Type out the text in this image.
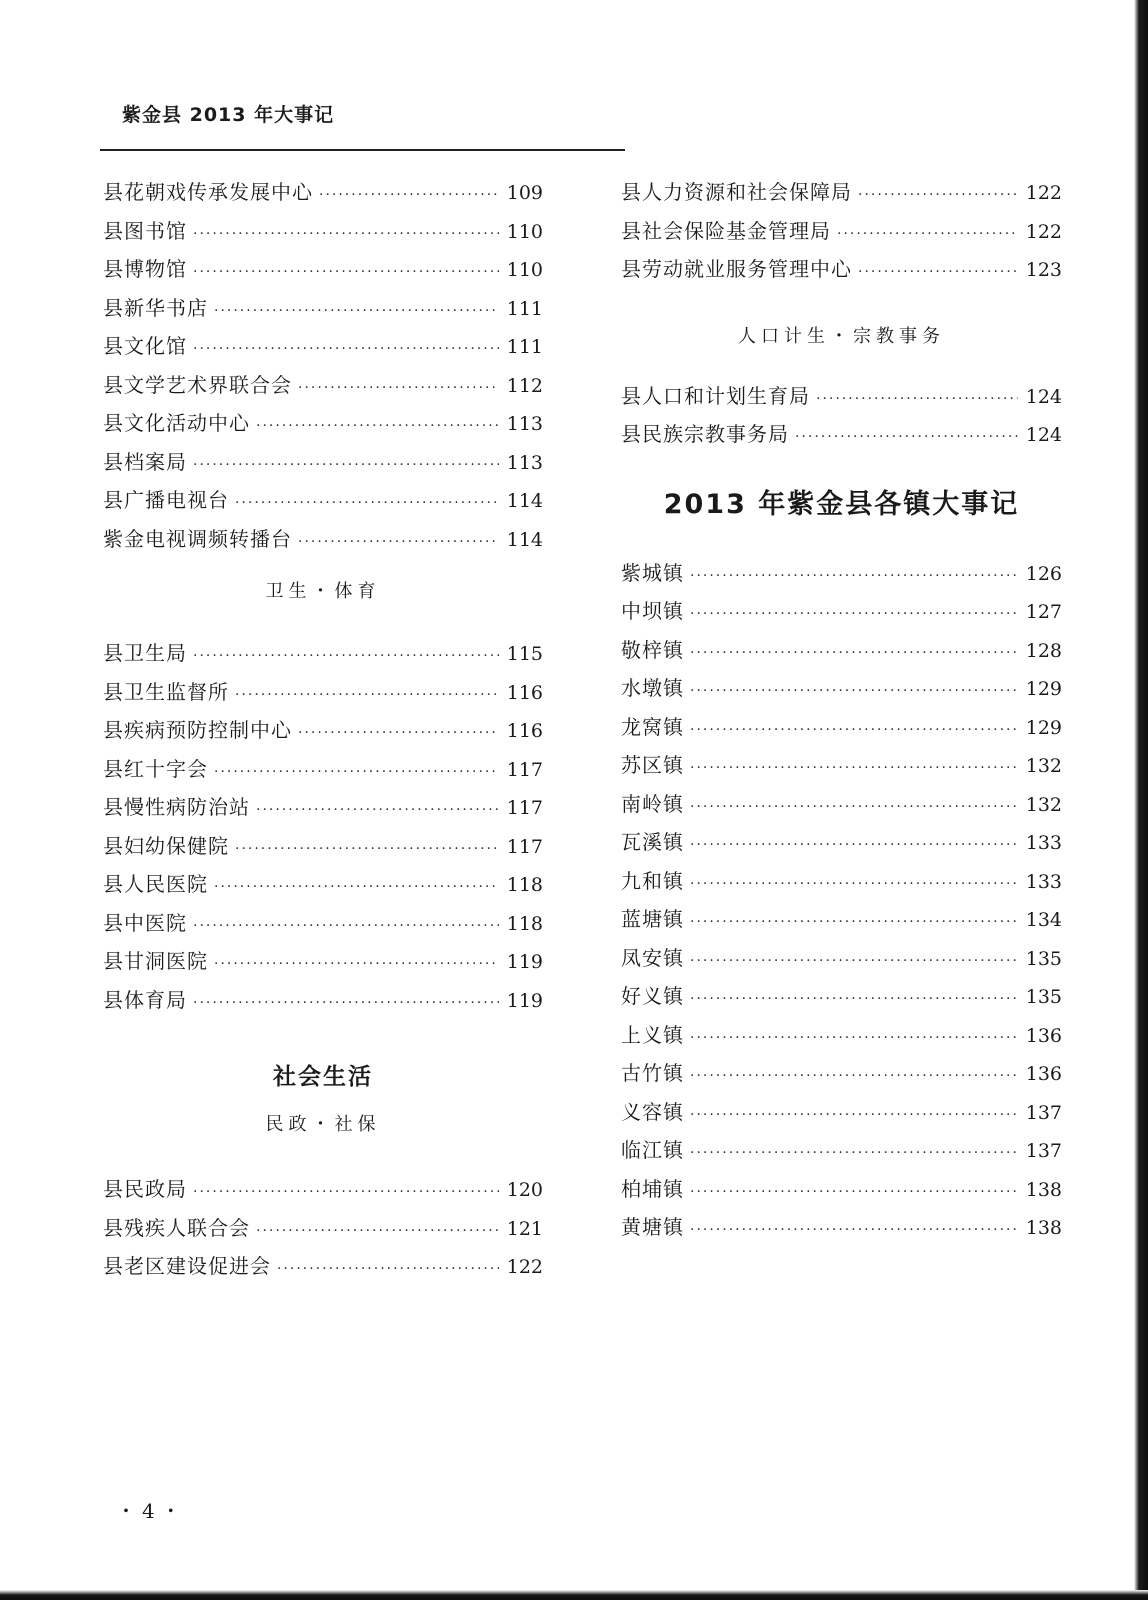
紫金县 2013 年大事记
县花朝戏传承发展中心 ·····	109
县图书馆 ·····	110
县博物馆 ·····	110
县新华书店 ·····	111
县文化馆 ·····	111
县文学艺术界联合会 ·····	112
县文化活动中心 ·····	113
县档案局 ·····	113
县广播电视台 ·····	114
紫金电视调频转播台 ·····	114
卫生・体育
县卫生局 ·····	115
县卫生监督所 ·····	116
县疾病预防控制中心 ·····	116
县红十字会 ·····	117
县慢性病防治站 ·····	117
县妇幼保健院 ·····	117
县人民医院 ·····	118
县中医院 ·····	118
县甘洞医院 ·····	119
县体育局 ·····	119
社会生活
民政・社保
县民政局 ·····	120
县残疾人联合会 ·····	121
县老区建设促进会 ·····	122
县人力资源和社会保障局 ·····	122
县社会保险基金管理局 ·····	122
县劳动就业服务管理中心 ·····	123
人口计生・宗教事务
县人口和计划生育局 ·····	124
县民族宗教事务局 ·····	124
2013 年紫金县各镇大事记
紫城镇 ·····	126
中坝镇 ·····	127
敬梓镇 ·····	128
水墩镇 ·····	129
龙窝镇 ·····	129
苏区镇 ·····	132
南岭镇 ·····	132
瓦溪镇 ·····	133
九和镇 ·····	133
蓝塘镇 ·····	134
凤安镇 ·····	135
好义镇 ·····	135
上义镇 ·····	136
古竹镇 ·····	136
义容镇 ·····	137
临江镇 ·····	137
柏埔镇 ·····	138
黄塘镇 ·····	138
・4・
